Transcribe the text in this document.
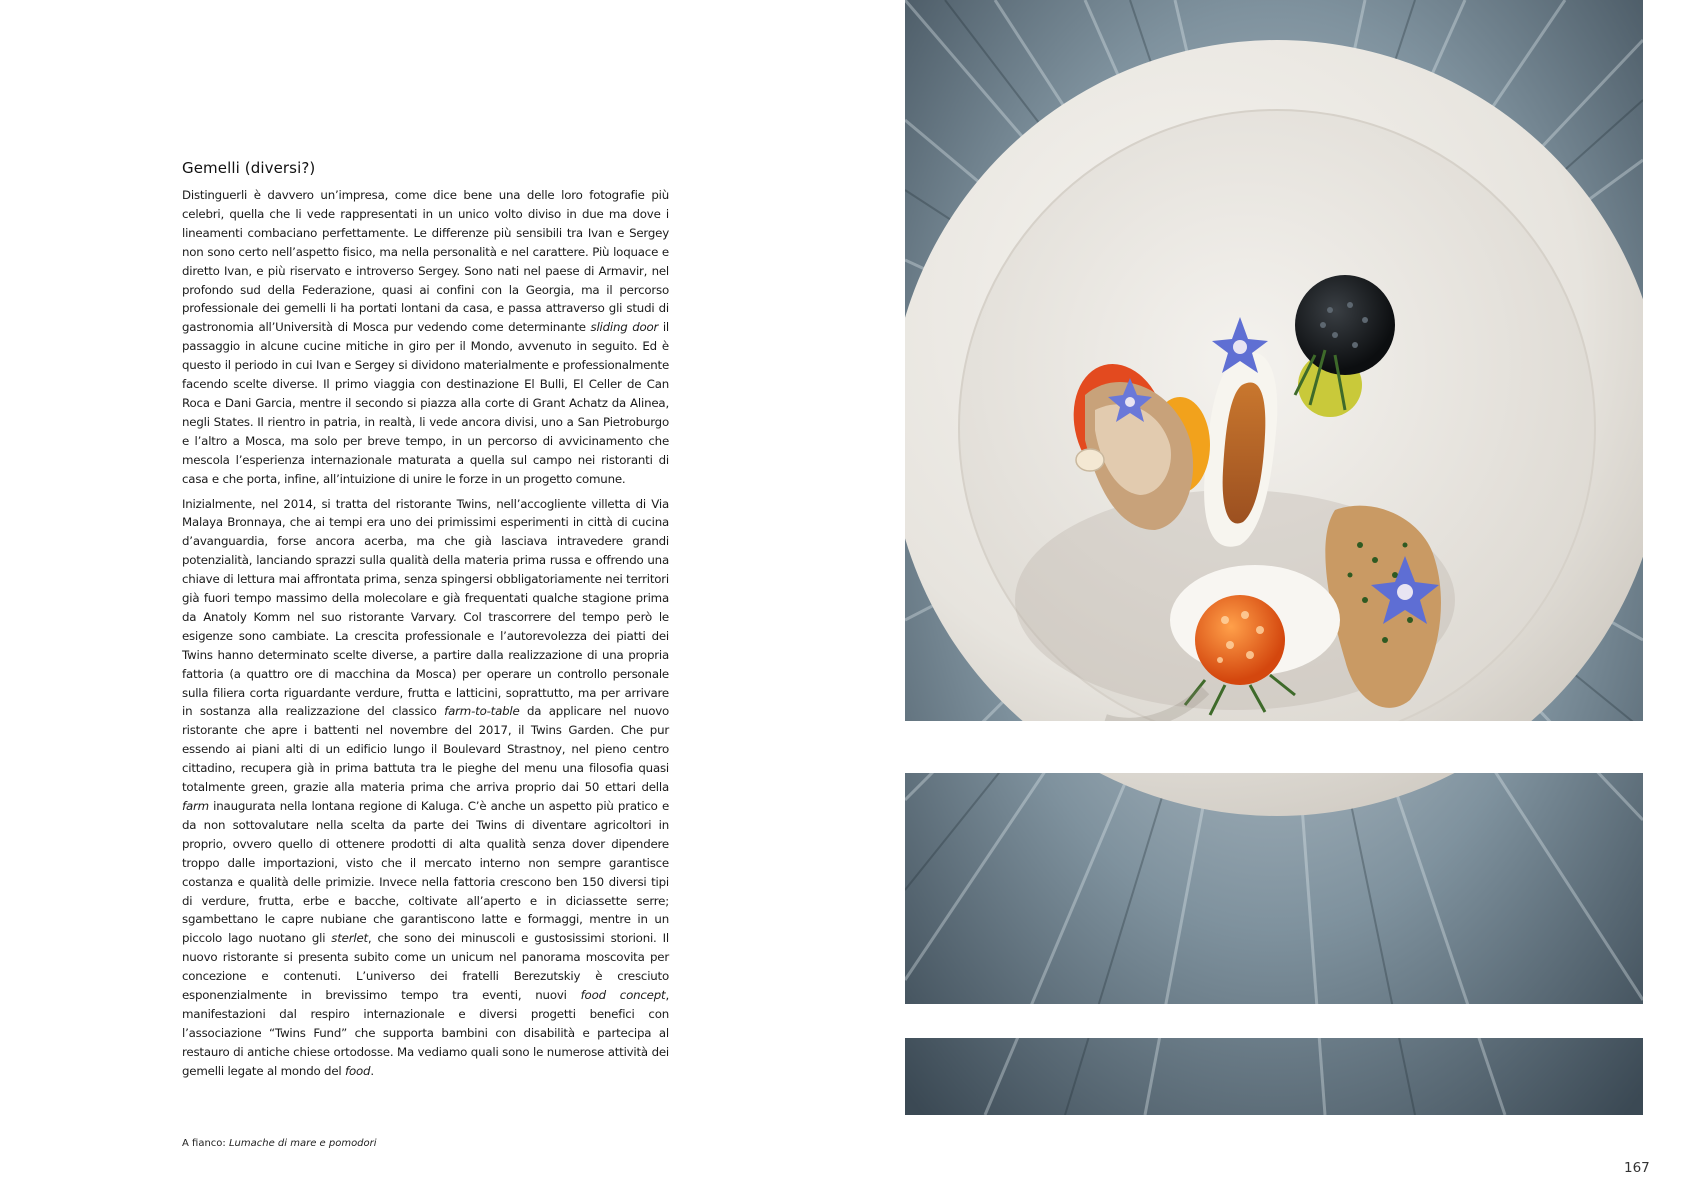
Gemelli (diversi?)

Distinguerli è davvero un’impresa, come dice bene una delle loro fotografie più celebri, quella che li vede rappresentati in un unico volto diviso in due ma dove i lineamenti combaciano perfettamente. Le differenze più sensibili tra Ivan e Sergey non sono certo nell’aspetto fisico, ma nella personalità e nel carattere. Più loquace e diretto Ivan, e più riservato e introverso Sergey. Sono nati nel paese di Armavir, nel profondo sud della Federazione, quasi ai confini con la Georgia, ma il percorso professionale dei gemelli li ha portati lontani da casa, e passa attraverso gli studi di gastronomia all’Università di Mosca pur vedendo come determinante sliding door il passaggio in alcune cucine mitiche in giro per il Mondo, avvenuto in seguito. Ed è questo il periodo in cui Ivan e Sergey si dividono materialmente e professionalmente facendo scelte diverse. Il primo viaggia con destinazione El Bulli, El Celler de Can Roca e Dani Garcia, mentre il secondo si piazza alla corte di Grant Achatz da Alinea, negli States. Il rientro in patria, in realtà, li vede ancora divisi, uno a San Pietroburgo e l’altro a Mosca, ma solo per breve tempo, in un percorso di avvicinamento che mescola l’esperienza internazionale maturata a quella sul campo nei ristoranti di casa e che porta, infine, all’intuizione di unire le forze in un progetto comune.

Inizialmente, nel 2014, si tratta del ristorante Twins, nell’accogliente villetta di Via Malaya Bronnaya, che ai tempi era uno dei primissimi esperimenti in città di cucina d’avanguardia, forse ancora acerba, ma che già lasciava intravedere grandi potenzialità, lanciando sprazzi sulla qualità della materia prima russa e offrendo una chiave di lettura mai affrontata prima, senza spingersi obbligatoriamente nei territori già fuori tempo massimo della molecolare e già frequentati qualche stagione prima da Anatoly Komm nel suo ristorante Varvary. Col trascorrere del tempo però le esigenze sono cambiate. La crescita professionale e l’autorevolezza dei piatti dei Twins hanno determinato scelte diverse, a partire dalla realizzazione di una propria fattoria (a quattro ore di macchina da Mosca) per operare un controllo personale sulla filiera corta riguardante verdure, frutta e latticini, soprattutto, ma per arrivare in sostanza alla realizzazione del classico farm-to-table da applicare nel nuovo ristorante che apre i battenti nel novembre del 2017, il Twins Garden. Che pur essendo ai piani alti di un edificio lungo il Boulevard Strastnoy, nel pieno centro cittadino, recupera già in prima battuta tra le pieghe del menu una filosofia quasi totalmente green, grazie alla materia prima che arriva proprio dai 50 ettari della farm inaugurata nella lontana regione di Kaluga. C’è anche un aspetto più pratico e da non sottovalutare nella scelta da parte dei Twins di diventare agricoltori in proprio, ovvero quello di ottenere prodotti di alta qualità senza dover dipendere troppo dalle importazioni, visto che il mercato interno non sempre garantisce costanza e qualità delle primizie. Invece nella fattoria crescono ben 150 diversi tipi di verdure, frutta, erbe e bacche, coltivate all’aperto e in diciassette serre; sgambettano le capre nubiane che garantiscono latte e formaggi, mentre in un piccolo lago nuotano gli sterlet, che sono dei minuscoli e gustosissimi storioni. Il nuovo ristorante si presenta subito come un unicum nel panorama moscovita per concezione e contenuti. L’universo dei fratelli Berezutskiy è cresciuto esponenzialmente in brevissimo tempo tra eventi, nuovi food concept, manifestazioni dal respiro internazionale e diversi progetti benefici con l’associazione “Twins Fund” che supporta bambini con disabilità e partecipa al restauro di antiche chiese ortodosse. Ma vediamo quali sono le numerose attività dei gemelli legate al mondo del food.

A fianco: Lumache di mare e pomodori
167
